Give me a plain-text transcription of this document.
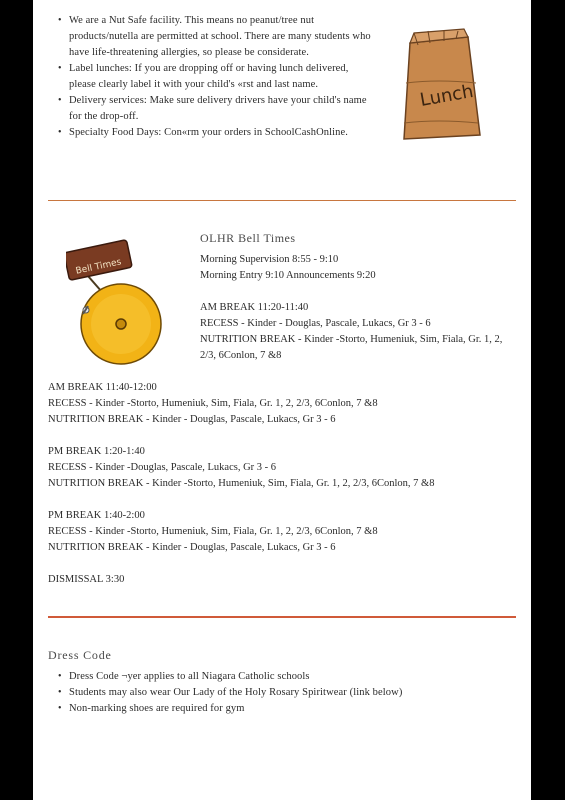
• We are a Nut Safe facility. This means no peanut/tree nut products/nutella are permitted at school. There are many students who have life-threatening allergies, so please be considerate.
• Label lunches: If you are dropping off or having lunch delivered, please clearly label it with your child's «rst and last name.
• Delivery services: Make sure delivery drivers have your child's name for the drop-off.
• Specialty Food Days: Con«rm your orders in SchoolCashOnline.
Lunch
Bell Times
OLHR Bell Times
Morning Supervision 8:55 - 9:10
Morning Entry 9:10 Announcements 9:20
AM BREAK 11:20-11:40
RECESS - Kinder - Douglas, Pascale, Lukacs, Gr 3 - 6
NUTRITION BREAK - Kinder -Storto, Humeniuk, Sim, Fiala, Gr. 1, 2,
2/3, 6Conlon, 7 &8
AM BREAK 11:40-12:00
RECESS - Kinder -Storto, Humeniuk, Sim, Fiala, Gr. 1, 2, 2/3, 6Conlon, 7 &8
NUTRITION BREAK - Kinder - Douglas, Pascale, Lukacs, Gr 3 - 6
PM BREAK 1:20-1:40
RECESS - Kinder -Douglas, Pascale, Lukacs, Gr 3 - 6
NUTRITION BREAK - Kinder -Storto, Humeniuk, Sim, Fiala, Gr. 1, 2, 2/3, 6Conlon, 7 &8
PM BREAK 1:40-2:00
RECESS - Kinder -Storto, Humeniuk, Sim, Fiala, Gr. 1, 2, 2/3, 6Conlon, 7 &8
NUTRITION BREAK - Kinder - Douglas, Pascale, Lukacs, Gr 3 - 6
DISMISSAL 3:30
Dress Code
• Dress Code ¬yer applies to all Niagara Catholic schools
• Students may also wear Our Lady of the Holy Rosary Spiritwear (link below)
• Non-marking shoes are required for gym
